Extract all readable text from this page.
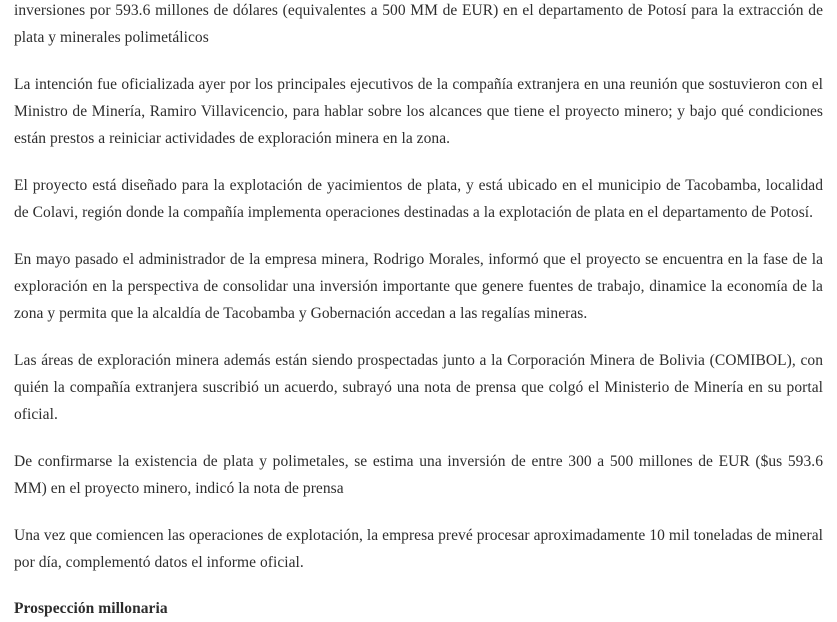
inversiones por 593.6 millones de dólares (equivalentes a 500 MM de EUR) en el departamento de Potosí para la extracción de plata y minerales polimetálicos

La intención fue oficializada ayer por los principales ejecutivos de la compañía extranjera en una reunión que sostuvieron con el Ministro de Minería, Ramiro Villavicencio, para hablar sobre los alcances que tiene el proyecto minero; y bajo qué condiciones están prestos a reiniciar actividades de exploración minera en la zona.

El proyecto está diseñado para la explotación de yacimientos de plata, y está ubicado en el municipio de Tacobamba, localidad de Colavi, región donde la compañía implementa operaciones destinadas a la explotación de plata en el departamento de Potosí.

En mayo pasado el administrador de la empresa minera, Rodrigo Morales, informó que el proyecto se encuentra en la fase de la exploración en la perspectiva de consolidar una inversión importante que genere fuentes de trabajo, dinamice la economía de la zona y permita que la alcaldía de Tacobamba y Gobernación accedan a las regalías mineras.

Las áreas de exploración minera además están siendo prospectadas junto a la Corporación Minera de Bolivia (COMIBOL), con quién la compañía extranjera suscribió un acuerdo, subrayó una nota de prensa que colgó el Ministerio de Minería en su portal oficial.

De confirmarse la existencia de plata y polimetales, se estima una inversión de entre 300 a 500 millones de EUR ($us 593.6 MM) en el proyecto minero, indicó la nota de prensa

Una vez que comiencen las operaciones de explotación, la empresa prevé procesar aproximadamente 10 mil toneladas de mineral por día, complementó datos el informe oficial.

Prospección millonaria
